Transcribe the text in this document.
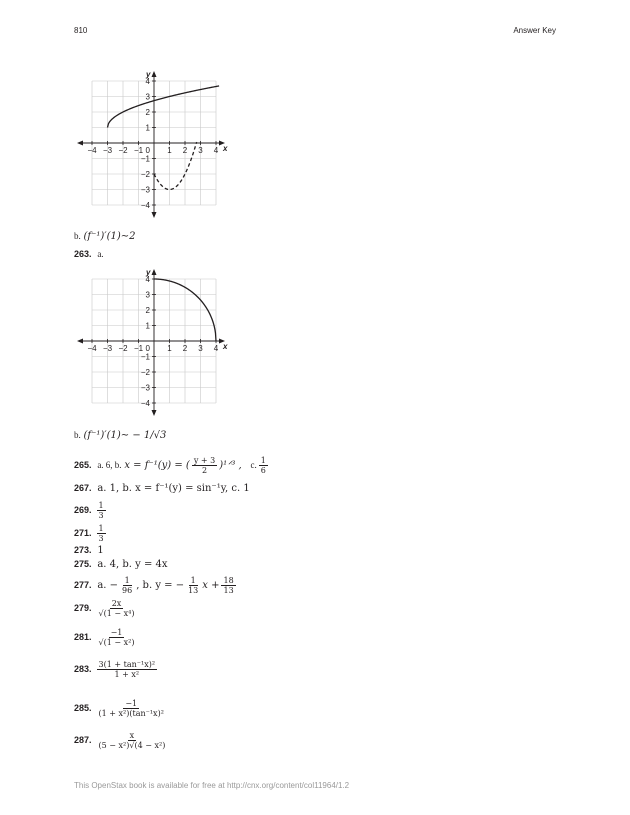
810	Answer Key
−4 −3 −2 −1	1 2 3 4
4
3
2
1
−1
−2
−3
−4
0	x
y
b. (f⁻¹)′(1)∼2
263. a.
−4 −3 −2 −1	1 2 3 4
4
3
2
1
−1
−2
−3
−4
0	x
y
b. (f⁻¹)′(1)∼ − 1/√3
265. a. 6, b. x = f⁻¹(y) = ( $\frac{y + 3}{2}$ )¹ᐟ³ , c. $\frac{1}{6}$
267. a. 1, b. x = f⁻¹(y) = sin⁻¹y, c. 1
269. $\frac{1}{3}$
271. $\frac{1}{3}$
273. 1
275. a. 4, b. y = 4x
277. a. − $\frac{1}{96}$ , b. y = − $\frac{1}{13}$ $x + \frac{18}{13}$
279. $\frac{2x}{\text{√(1 − x⁴)}}$
281. $\frac{-1}{\text{√(1 − x²)}}$
283. $\frac{\text{3(1 + tan⁻¹x)²}}{\text{1 + x²}}$
285. $\frac{-1}{\text{(1 + x²)(tan⁻¹x)²}}$
287. $\frac{x}{\text{(5 − x²)√(4 − x²)}}$
This OpenStax book is available for free at http://cnx.org/content/col11964/1.2
